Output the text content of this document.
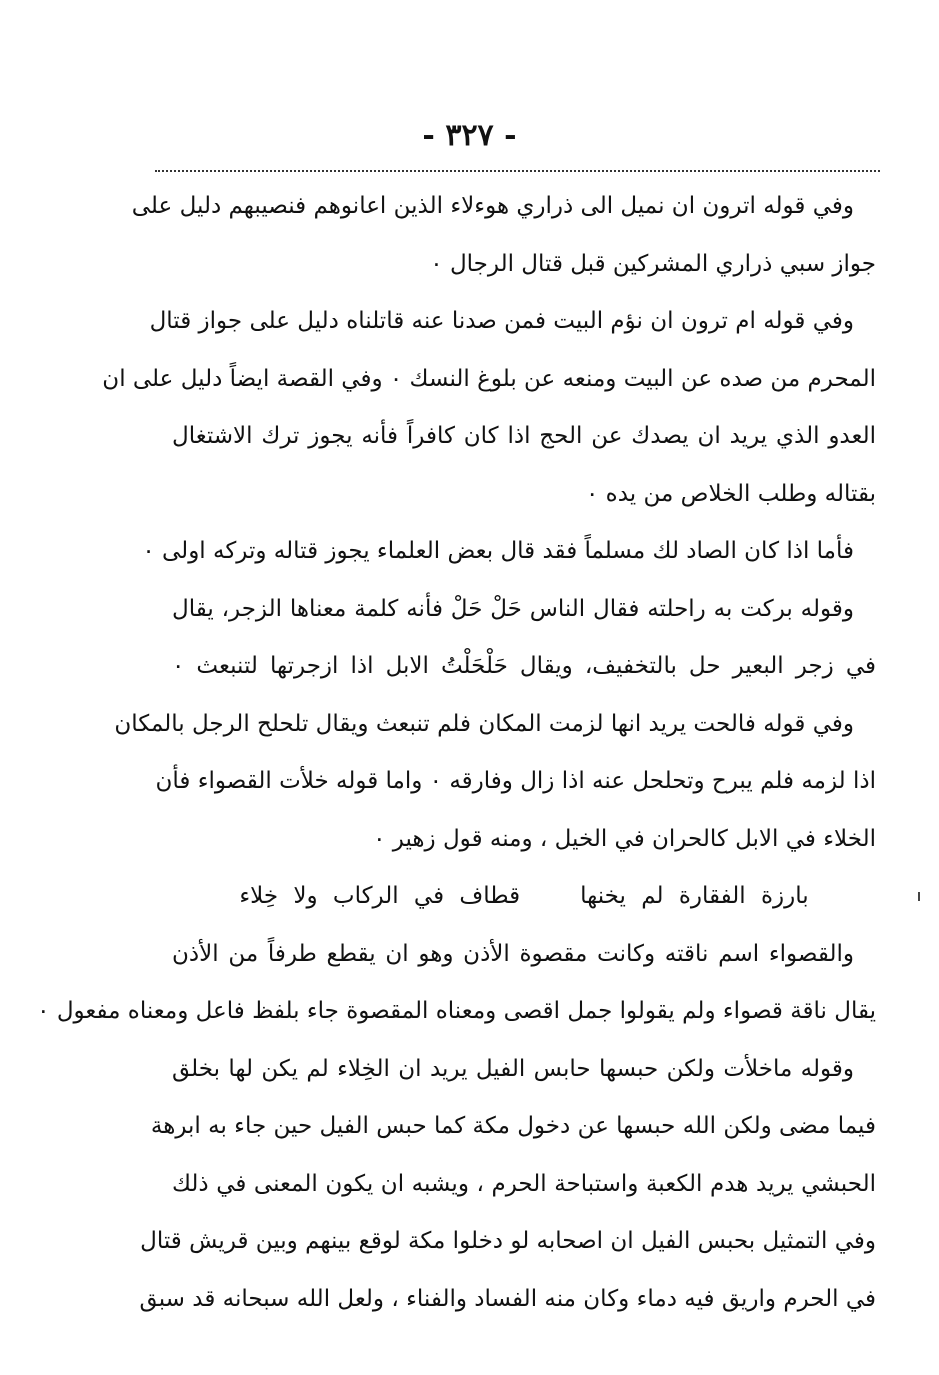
- ٣٢٧ -
وفي قوله اترون ان نميل الى ذراري هوءلاء الذين اعانوهم فنصيبهم دليل على
جواز سبي ذراري المشركين قبل قتال الرجال ٠
وفي قوله ام ترون ان نؤم البيت فمن صدنا عنه قاتلناه دليل على جواز قتال
المحرم من صده عن البيت ومنعه عن بلوغ النسك ٠ وفي القصة ايضاً دليل على ان
العدو الذي يريد ان يصدك عن الحج اذا كان كافراً فأنه يجوز ترك الاشتغال
بقتاله وطلب الخلاص من يده ٠
فأما اذا كان الصاد لك مسلماً فقد قال بعض العلماء يجوز قتاله وتركه اولى ٠
وقوله بركت به راحلته فقال الناس حَلْ حَلْ فأنه كلمة معناها الزجر، يقال
في زجر البعير حل بالتخفيف، ويقال حَلْحَلْتُ الابل اذا ازجرتها لتنبعث ٠
وفي قوله فالحت يريد انها لزمت المكان فلم تنبعث ويقال تلحلح الرجل بالمكان
اذا لزمه فلم يبرح وتحلحل عنه اذا زال وفارقه ٠ واما قوله خلأت القصواء فأن
الخلاء في الابل كالحران في الخيل ، ومنه قول زهير ٠
بارزة الفقارة لم يخنهاقطاف في الركاب ولا خِلاء
والقصواء اسم ناقته وكانت مقصوة الأذن وهو ان يقطع طرفاً من الأذن
يقال ناقة قصواء ولم يقولوا جمل اقصى ومعناه المقصوة جاء بلفظ فاعل ومعناه مفعول ٠
وقوله ماخلأت ولكن حبسها حابس الفيل يريد ان الخِلاء لم يكن لها بخلق
فيما مضى ولكن الله حبسها عن دخول مكة كما حبس الفيل حين جاء به ابرهة
الحبشي يريد هدم الكعبة واستباحة الحرم ، ويشبه ان يكون المعنى في ذلك
وفي التمثيل بحبس الفيل ان اصحابه لو دخلوا مكة لوقع بينهم وبين قريش قتال
في الحرم واريق فيه دماء وكان منه الفساد والفناء ، ولعل الله سبحانه قد سبق
